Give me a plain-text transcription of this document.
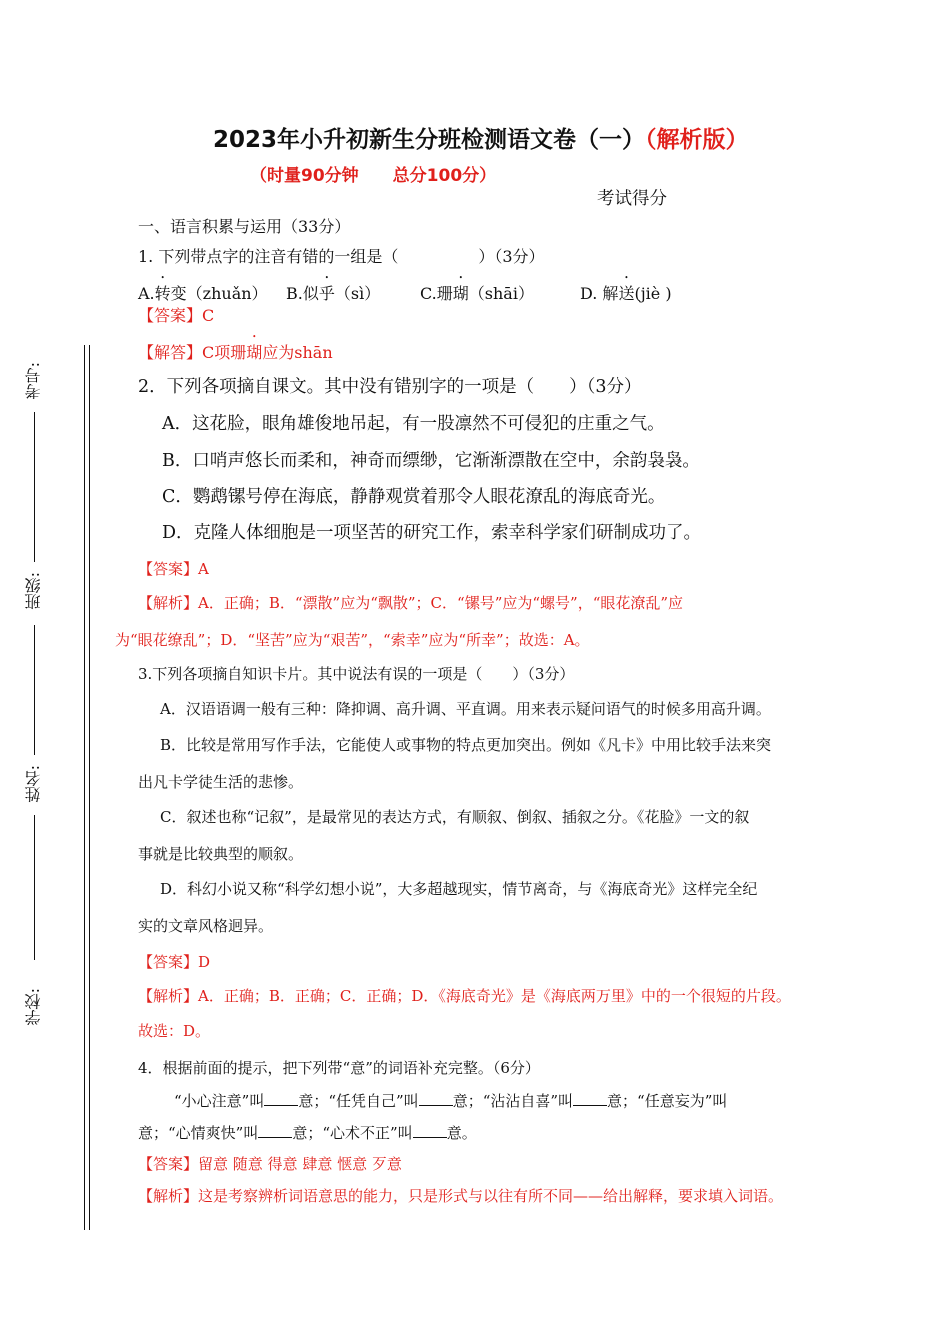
考号:
班级:
姓名:
学校:
2023年小升初新生分班检测语文卷（一）（解析版）
（时量90分钟　　总分100分）
考试得分
一、语言积累与运用（33分）
1. 下列带点字的注音有错的一组是（　　　　　）（3分）
A.转变（zhuǎn） B.似乎（sì） C.珊瑚（shāi）	D. 解送(jiè )
【答案】C
【解答】C项珊瑚应为shān
2．下列各项摘自课文。其中没有错别字的一项是（　　）（3分）
A．这花脸，眼角雄俊地吊起，有一股凛然不可侵犯的庄重之气。
B．口哨声悠长而柔和，神奇而缥缈，它渐渐漂散在空中，余韵袅袅。
C．鹦鹉镙号停在海底，静静观赏着那令人眼花潦乱的海底奇光。
D．克隆人体细胞是一项坚苦的研究工作，索幸科学家们研制成功了。
【答案】A
【解析】A．正确；B．“漂散”应为“飘散”；C．“镙号”应为“螺号”，“眼花潦乱”应
为“眼花缭乱”；D．“坚苦”应为“艰苦”，“索幸”应为“所幸”；故选：A。
3.下列各项摘自知识卡片。其中说法有误的一项是（　　）（3分）
A．汉语语调一般有三种：降抑调、高升调、平直调。用来表示疑问语气的时候多用高升调。
B．比较是常用写作手法，它能使人或事物的特点更加突出。例如《凡卡》中用比较手法来突
出凡卡学徒生活的悲惨。
C．叙述也称“记叙”，是最常见的表达方式，有顺叙、倒叙、插叙之分。《花脸》一文的叙
事就是比较典型的顺叙。
D．科幻小说又称“科学幻想小说”，大多超越现实，情节离奇，与《海底奇光》这样完全纪
实的文章风格迥异。
【答案】D
【解析】A．正确；B．正确；C．正确；D．《海底奇光》是《海底两万里》中的一个很短的片段。
故选：D。
4．根据前面的提示，把下列带“意”的词语补充完整。（6分）
“小心注意”叫 意；“任凭自己”叫 意；“沾沾自喜”叫 意；“任意妄为”叫
意；“心情爽快”叫 意；“心术不正”叫 意。
【答案】留意 随意 得意 肆意 惬意 歹意
【解析】这是考察辨析词语意思的能力，只是形式与以往有所不同——给出解释，要求填入词语。
